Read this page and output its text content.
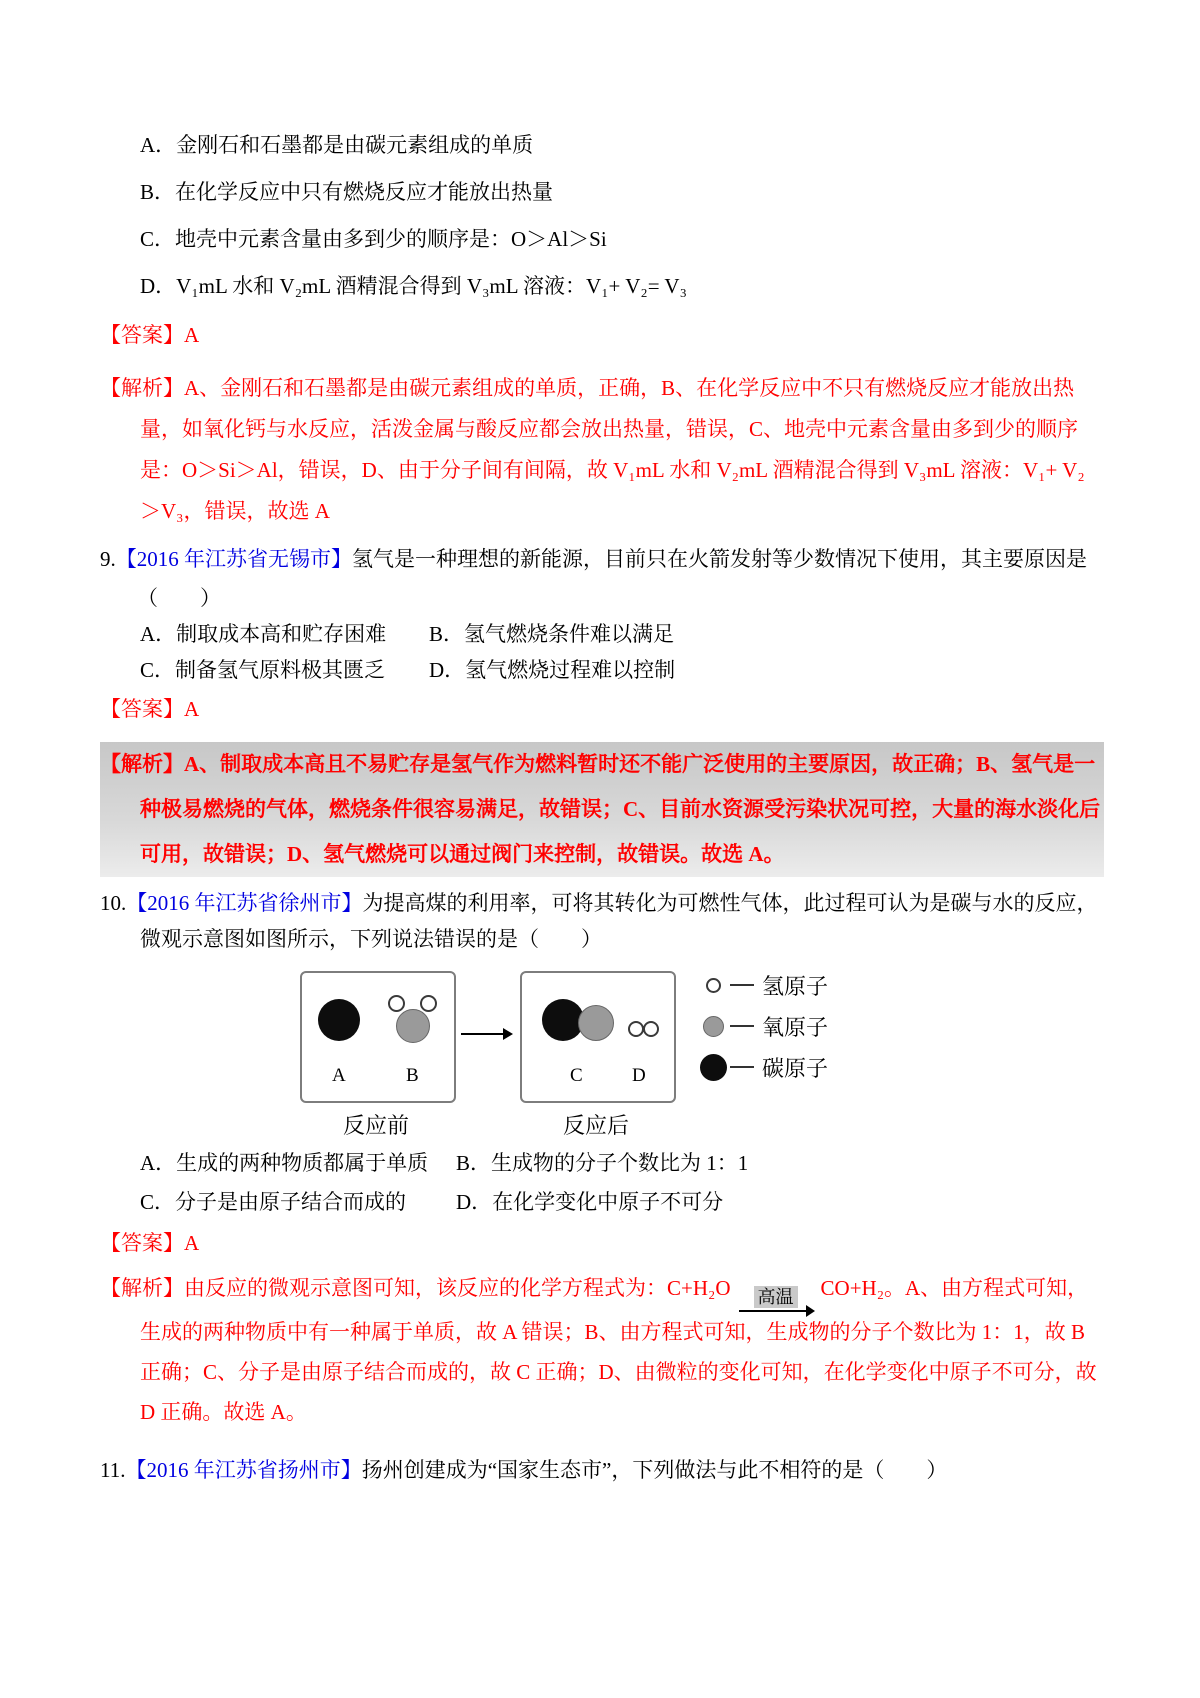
A．金刚石和石墨都是由碳元素组成的单质

B．在化学反应中只有燃烧反应才能放出热量

C．地壳中元素含量由多到少的顺序是：O＞Al＞Si

D．V₁mL 水和 V₂mL 酒精混合得到 V₃mL 溶液：V₁+ V₂= V₃

【答案】A

【解析】A、金刚石和石墨都是由碳元素组成的单质，正确，B、在化学反应中不只有燃烧反应才能放出热量，如氧化钙与水反应，活泼金属与酸反应都会放出热量，错误，C、地壳中元素含量由多到少的顺序是：O＞Si＞Al，错误，D、由于分子间有间隔，故 V₁mL 水和 V₂mL 酒精混合得到 V₃mL 溶液：V₁+ V₂＞V₃，错误，故选 A

9.【2016 年江苏省无锡市】氢气是一种理想的新能源，目前只在火箭发射等少数情况下使用，其主要原因是（　　）

A．制取成本高和贮存困难	B．氢气燃烧条件难以满足
C．制备氢气原料极其匮乏	D．氢气燃烧过程难以控制

【答案】A

【解析】A、制取成本高且不易贮存是氢气作为燃料暂时还不能广泛使用的主要原因，故正确；B、氢气是一种极易燃烧的气体，燃烧条件很容易满足，故错误；C、目前水资源受污染状况可控，大量的海水淡化后可用，故错误；D、氢气燃烧可以通过阀门来控制，故错误。故选 A。

10.【2016 年江苏省徐州市】为提高煤的利用率，可将其转化为可燃性气体，此过程可认为是碳与水的反应，微观示意图如图所示，下列说法错误的是（　　）

A	B	C	D
反应前	反应后
氢原子
氧原子
碳原子
A．生成的两种物质都属于单质	B．生成物的分子个数比为 1：1
C．分子是由原子结合而成的	D．在化学变化中原子不可分

【答案】A

【解析】由反应的微观示意图可知，该反应的化学方程式为：C+H₂O 高温 CO+H₂。A、由方程式可知，生成的两种物质中有一种属于单质，故 A 错误；B、由方程式可知，生成物的分子个数比为 1：1，故 B 正确；C、分子是由原子结合而成的，故 C 正确；D、由微粒的变化可知，在化学变化中原子不可分，故 D 正确。故选 A。

11.【2016 年江苏省扬州市】扬州创建成为“国家生态市”，下列做法与此不相符的是（　　）
